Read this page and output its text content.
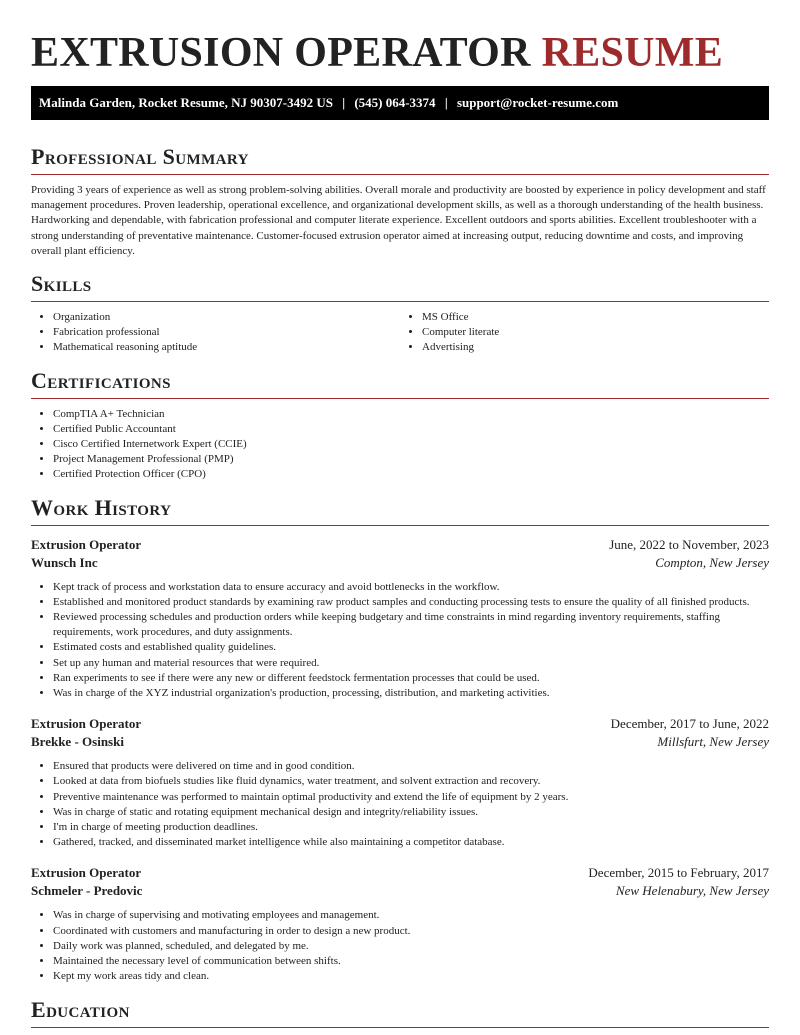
EXTRUSION OPERATOR RESUME
Malinda Garden, Rocket Resume, NJ 90307-3492 US | (545) 064-3374 | support@rocket-resume.com
Professional Summary

Providing 3 years of experience as well as strong problem-solving abilities. Overall morale and productivity are boosted by experience in policy development and staff management procedures. Proven leadership, operational excellence, and organizational development skills, as well as a thorough understanding of the health business. Hardworking and dependable, with fabrication professional and computer literate experience. Excellent outdoors and sports abilities. Excellent troubleshooter with a strong understanding of preventative maintenance. Customer-focused extrusion operator aimed at increasing output, reducing downtime and costs, and improving overall plant efficiency.

Skills
• Organization
• Fabrication professional
• Mathematical reasoning aptitude
• MS Office
• Computer literate
• Advertising
Certifications
• CompTIA A+ Technician
• Certified Public Accountant
• Cisco Certified Internetwork Expert (CCIE)
• Project Management Professional (PMP)
• Certified Protection Officer (CPO)
Work History
Extrusion Operator	June, 2022 to November, 2023
Wunsch Inc	Compton, New Jersey
• Kept track of process and workstation data to ensure accuracy and avoid bottlenecks in the workflow.
• Established and monitored product standards by examining raw product samples and conducting processing tests to ensure the quality of all finished products.
• Reviewed processing schedules and production orders while keeping budgetary and time constraints in mind regarding inventory requirements, staffing requirements, work procedures, and duty assignments.
• Estimated costs and established quality guidelines.
• Set up any human and material resources that were required.
• Ran experiments to see if there were any new or different feedstock fermentation processes that could be used.
• Was in charge of the XYZ industrial organization's production, processing, distribution, and marketing activities.
Extrusion Operator	December, 2017 to June, 2022
Brekke - Osinski	Millsfurt, New Jersey
• Ensured that products were delivered on time and in good condition.
• Looked at data from biofuels studies like fluid dynamics, water treatment, and solvent extraction and recovery.
• Preventive maintenance was performed to maintain optimal productivity and extend the life of equipment by 2 years.
• Was in charge of static and rotating equipment mechanical design and integrity/reliability issues.
• I'm in charge of meeting production deadlines.
• Gathered, tracked, and disseminated market intelligence while also maintaining a competitor database.
Extrusion Operator	December, 2015 to February, 2017
Schmeler - Predovic	New Helenabury, New Jersey
• Was in charge of supervising and motivating employees and management.
• Coordinated with customers and manufacturing in order to design a new product.
• Daily work was planned, scheduled, and delegated by me.
• Maintained the necessary level of communication between shifts.
• Kept my work areas tidy and clean.
Education
